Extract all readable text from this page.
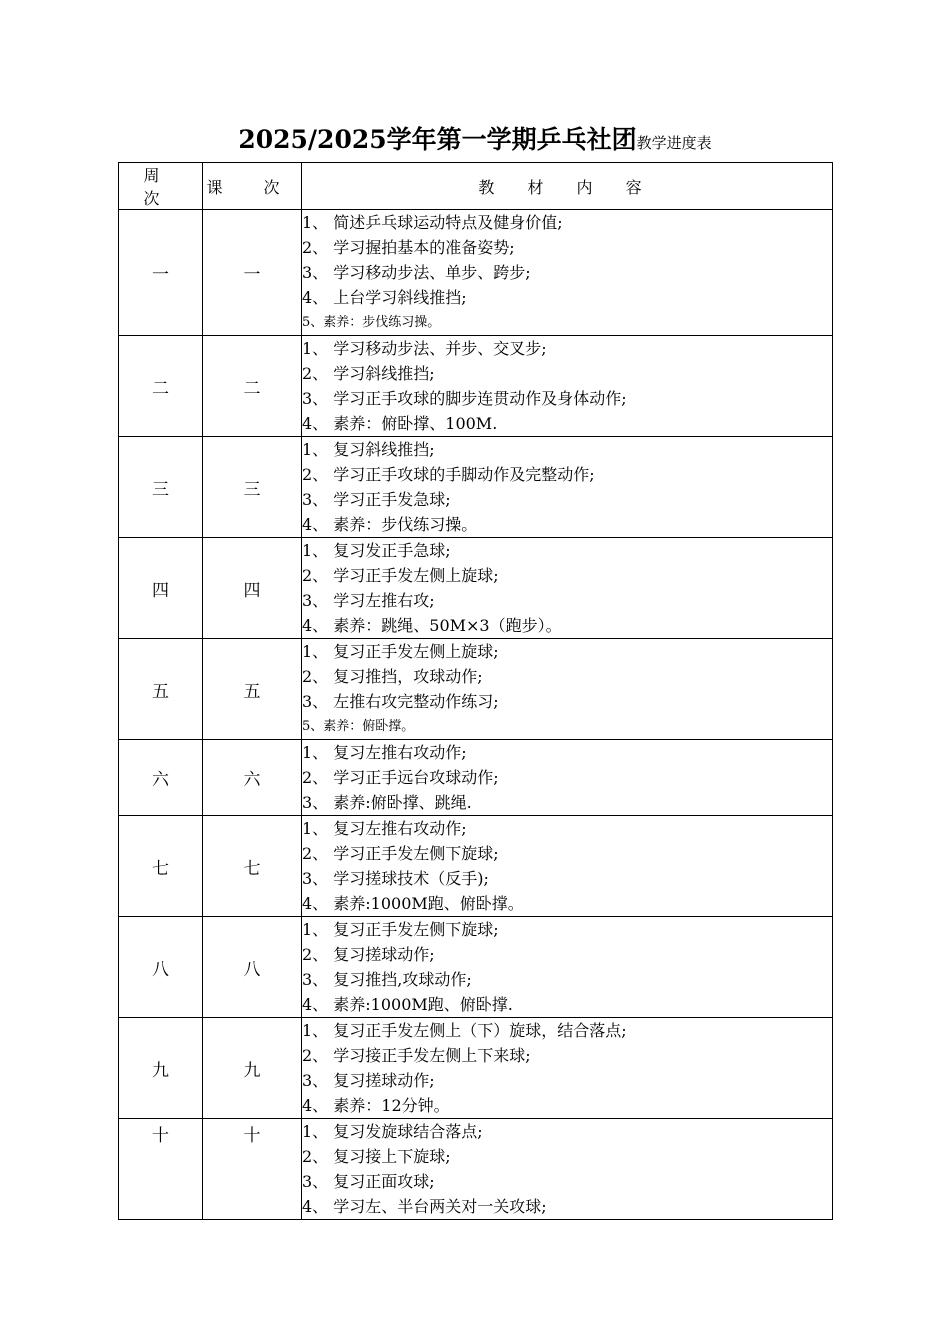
2025/2025学年第一学期乒乓社团教学进度表
周 次	课 次	教 材 内 容
一	一	1、 简述乒乓球运动特点及健身价值;
2、 学习握拍基本的准备姿势;
3、 学习移动步法、单步、跨步;
4、 上台学习斜线推挡;
5、素养：步伐练习操。

二	二	1、 学习移动步法、并步、交叉步;
2、 学习斜线推挡;
3、 学习正手攻球的脚步连贯动作及身体动作;
4、 素养：俯卧撑、100M.

三	三	1、 复习斜线推挡;
2、 学习正手攻球的手脚动作及完整动作;
3、 学习正手发急球;
4、 素养：步伐练习操。

四	四	1、 复习发正手急球;
2、 学习正手发左侧上旋球;
3、 学习左推右攻;
4、 素养：跳绳、50M×3（跑步）。

五	五	1、 复习正手发左侧上旋球;
2、 复习推挡，攻球动作;
3、 左推右攻完整动作练习;
5、素养：俯卧撑。

六	六	1、 复习左推右攻动作;
2、 学习正手远台攻球动作;
3、 素养:俯卧撑、跳绳.

七	七	1、 复习左推右攻动作;
2、 学习正手发左侧下旋球;
3、 学习搓球技术（反手);
4、 素养:1000M跑、俯卧撑。

八	八	1、 复习正手发左侧下旋球;
2、 复习搓球动作;
3、 复习推挡,攻球动作;
4、 素养:1000M跑、俯卧撑.

九	九	1、 复习正手发左侧上（下）旋球，结合落点;
2、 学习接正手发左侧上下来球;
3、 复习搓球动作;
4、 素养：12分钟。

十	十	1、 复习发旋球结合落点;
2、 复习接上下旋球;
3、 复习正面攻球;
4、 学习左、半台两关对一关攻球;
